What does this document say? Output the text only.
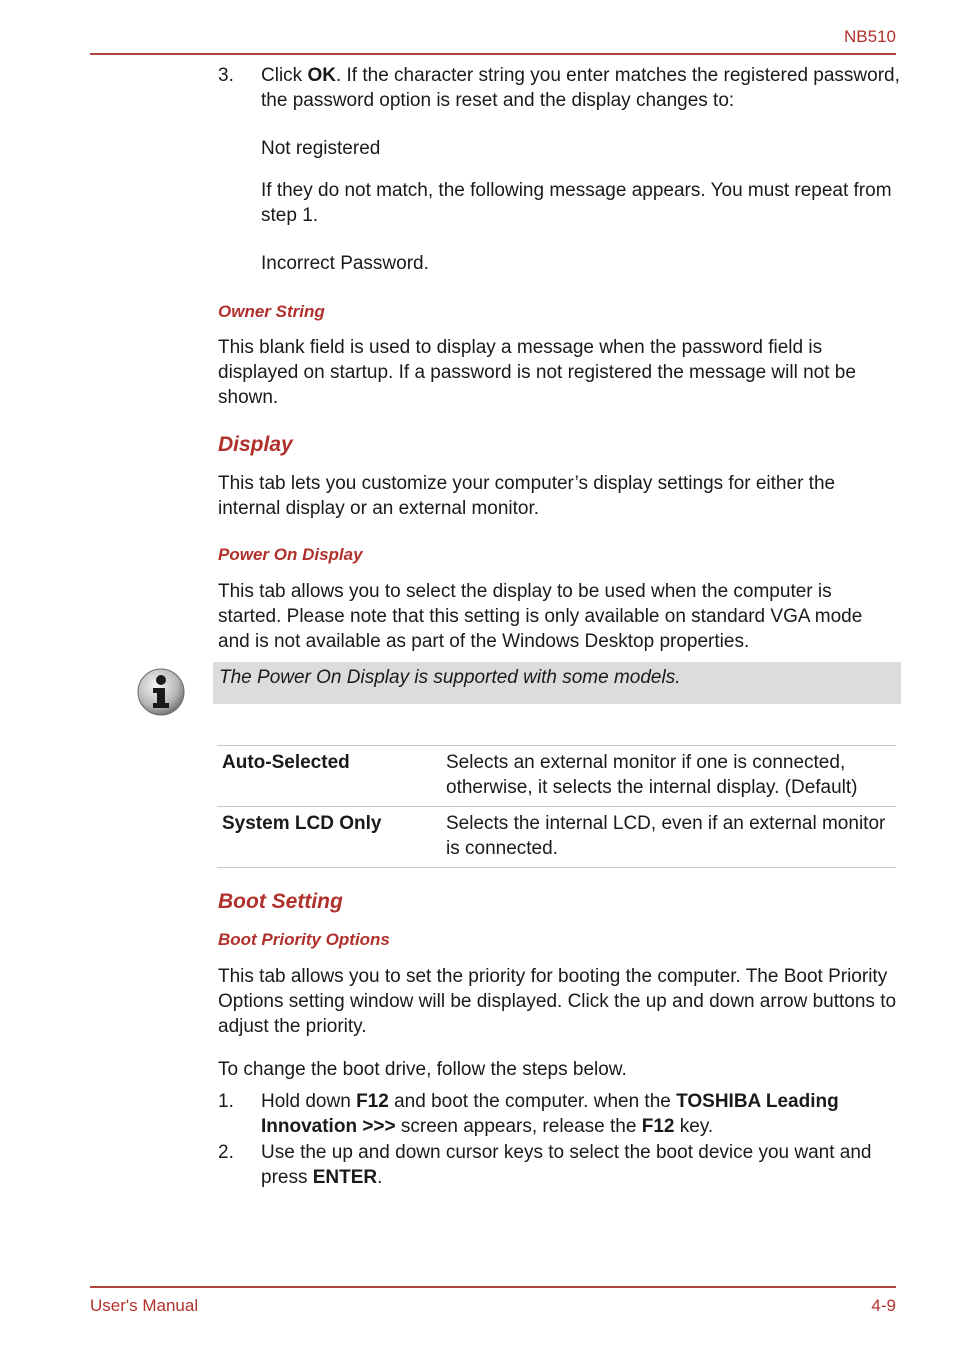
NB510
3.	Click OK. If the character string you enter matches the registered password, the password option is reset and the display changes to:
Not registered
If they do not match, the following message appears. You must repeat from step 1.
Incorrect Password.
Owner String
This blank field is used to display a message when the password field is displayed on startup. If a password is not registered the message will not be shown.
Display
This tab lets you customize your computer’s display settings for either the internal display or an external monitor.
Power On Display
This tab allows you to select the display to be used when the computer is started. Please note that this setting is only available on standard VGA mode and is not available as part of the Windows Desktop properties.
The Power On Display is supported with some models.
Auto-Selected	Selects an external monitor if one is connected, otherwise, it selects the internal display. (Default)
System LCD Only	Selects the internal LCD, even if an external monitor is connected.
Boot Setting
Boot Priority Options
This tab allows you to set the priority for booting the computer. The Boot Priority Options setting window will be displayed. Click the up and down arrow buttons to adjust the priority.
To change the boot drive, follow the steps below.
1.	Hold down F12 and boot the computer. when the TOSHIBA Leading Innovation >>> screen appears, release the F12 key.
2.	Use the up and down cursor keys to select the boot device you want and press ENTER.
User's Manual	4-9
